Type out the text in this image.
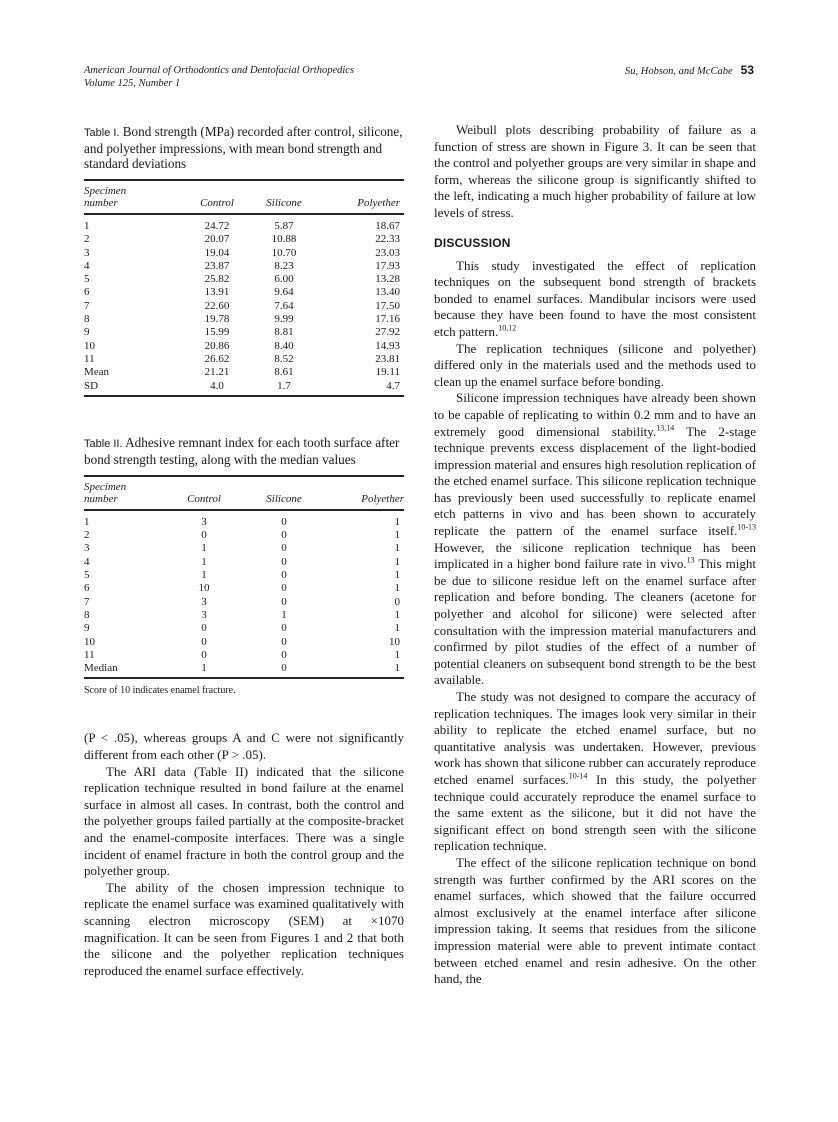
American Journal of Orthodontics and Dentofacial Orthopedics
Volume 125, Number 1
Su, Hobson, and McCabe 53
Table I. Bond strength (MPa) recorded after control, silicone, and polyether impressions, with mean bond strength and standard deviations
Specimen
number	Control	Silicone	Polyether
1	24.72	5.87	18.67
2	20.07	10.88	22.33
3	19.04	10.70	23.03
4	23.87	8.23	17.93
5	25.82	6.00	13.28
6	13.91	9.64	13.40
7	22.60	7.64	17.50
8	19.78	9.99	17.16
9	15.99	8.81	27.92
10	20.86	8.40	14.93
11	26.62	8.52	23.81
Mean	21.21	8.61	19.11
SD	4.0	1.7	4.7
Table II. Adhesive remnant index for each tooth surface after bond strength testing, along with the median values
Specimen
number	Control	Silicone	Polyether
1	3	0	1
2	0	0	1
3	1	0	1
4	1	0	1
5	1	0	1
6	10	0	1
7	3	0	0
8	3	1	1
9	0	0	1
10	0	0	10
11	0	0	1
Median	1	0	1
Score of 10 indicates enamel fracture.

(P < .05), whereas groups A and C were not significantly different from each other (P > .05).

The ARI data (Table II) indicated that the silicone replication technique resulted in bond failure at the enamel surface in almost all cases. In contrast, both the control and the polyether groups failed partially at the composite-bracket and the enamel-composite interfaces. There was a single incident of enamel fracture in both the control group and the polyether group.

The ability of the chosen impression technique to replicate the enamel surface was examined qualitatively with scanning electron microscopy (SEM) at ×1070 magnification. It can be seen from Figures 1 and 2 that both the silicone and the polyether replication techniques reproduced the enamel surface effectively.

Weibull plots describing probability of failure as a function of stress are shown in Figure 3. It can be seen that the control and polyether groups are very similar in shape and form, whereas the silicone group is significantly shifted to the left, indicating a much higher probability of failure at low levels of stress.

DISCUSSION

This study investigated the effect of replication techniques on the subsequent bond strength of brackets bonded to enamel surfaces. Mandibular incisors were used because they have been found to have the most consistent etch pattern.$^{10,12}$

The replication techniques (silicone and polyether) differed only in the materials used and the methods used to clean up the enamel surface before bonding.

Silicone impression techniques have already been shown to be capable of replicating to within 0.2 mm and to have an extremely good dimensional stability.$^{13,14}$ The 2-stage technique prevents excess displacement of the light-bodied impression material and ensures high resolution replication of the etched enamel surface. This silicone replication technique has previously been used successfully to replicate enamel etch patterns in vivo and has been shown to accurately replicate the pattern of the enamel surface itself.$^{10-13}$ However, the silicone replication technique has been implicated in a higher bond failure rate in vivo.$^{13}$ This might be due to silicone residue left on the enamel surface after replication and before bonding. The cleaners (acetone for polyether and alcohol for silicone) were selected after consultation with the impression material manufacturers and confirmed by pilot studies of the effect of a number of potential cleaners on subsequent bond strength to be the best available.

The study was not designed to compare the accuracy of replication techniques. The images look very similar in their ability to replicate the etched enamel surface, but no quantitative analysis was undertaken. However, previous work has shown that silicone rubber can accurately reproduce etched enamel surfaces.$^{10-14}$ In this study, the polyether technique could accurately reproduce the enamel surface to the same extent as the silicone, but it did not have the significant effect on bond strength seen with the silicone replication technique.

The effect of the silicone replication technique on bond strength was further confirmed by the ARI scores on the enamel surfaces, which showed that the failure occurred almost exclusively at the enamel interface after silicone impression taking. It seems that residues from the silicone impression material were able to prevent intimate contact between etched enamel and resin adhesive. On the other hand, the
